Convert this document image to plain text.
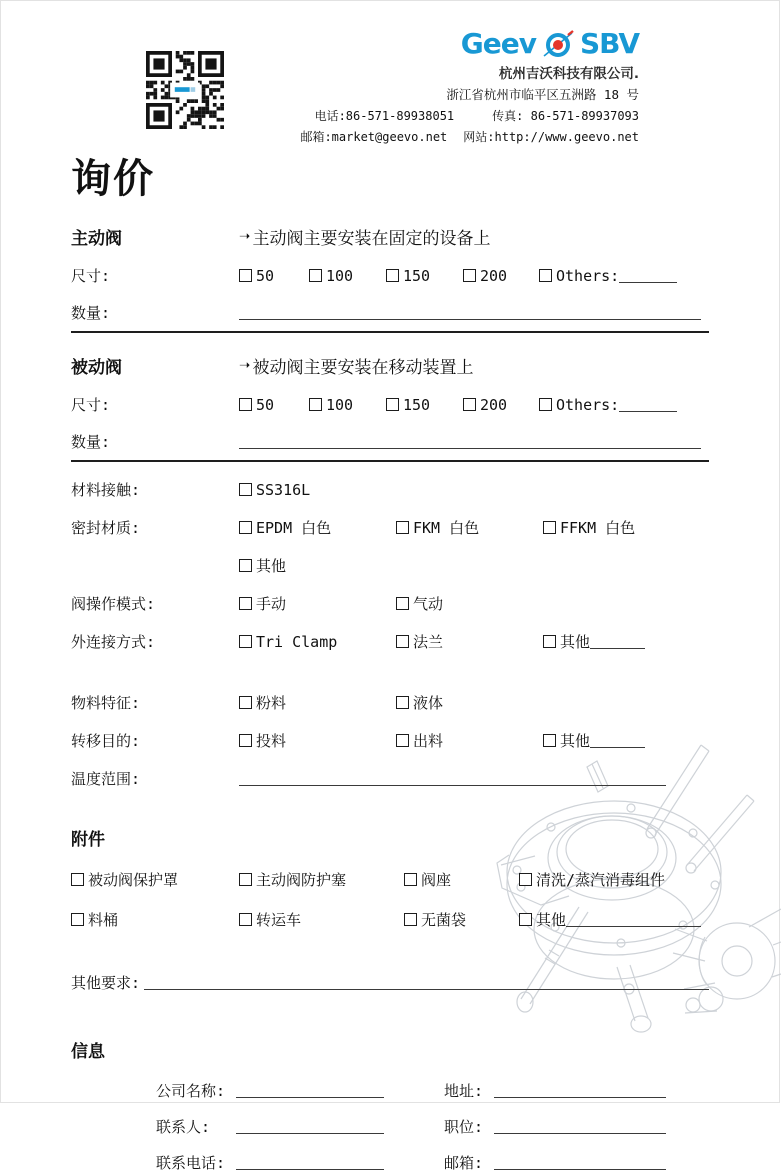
Geev SBV
杭州吉沃科技有限公司.
浙江省杭州市临平区五洲路 18 号
电话:86-571-89938051	传真: 86-571-89937093
邮箱:market@geevo.net 网站:http://www.geevo.net
询价
主动阀	➝ 主动阀主要安装在固定的设备上
尺寸:	50	100	150	200	Others:
数量:
被动阀	➝ 被动阀主要安装在移动装置上
尺寸:	50	100	150	200	Others:
数量:
材料接触:	SS316L
密封材质:	EPDM 白色	FKM 白色	FFKM 白色
其他
阀操作模式:	手动	气动
外连接方式:	Tri Clamp	法兰	其他
物料特征:	粉料	液体
转移目的:	投料	出料	其他
温度范围:
附件
被动阀保护罩	主动阀防护塞	阀座	清洗/蒸汽消毒组件
料桶	转运车	无菌袋	其他
其他要求:
信息
公司名称:	地址:
联系人:	职位:
联系电话:	邮箱:
